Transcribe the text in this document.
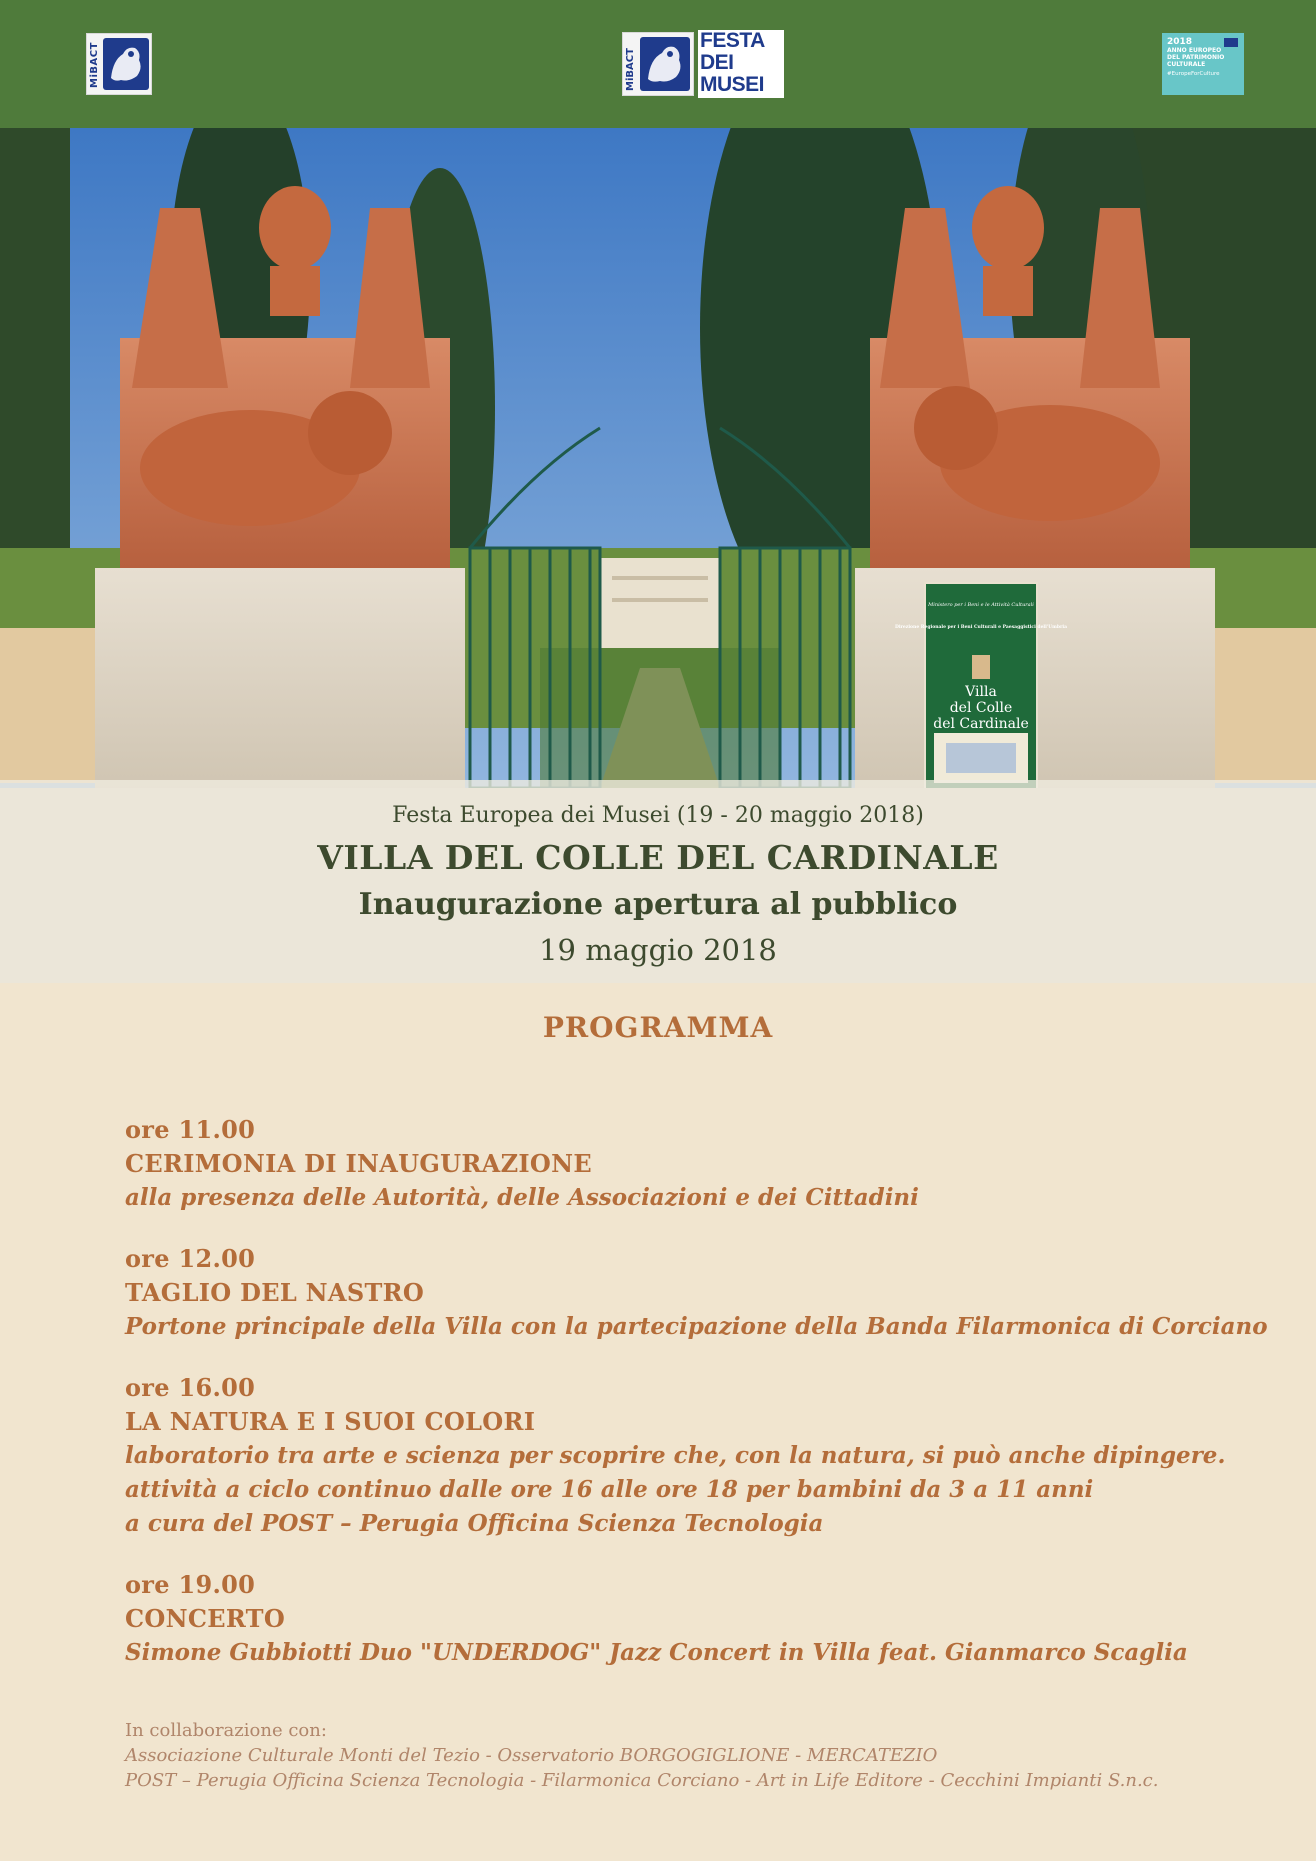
MiBACT	MiBACT
FESTA
DEI
MUSEI
2018
ANNO EUROPEO
DEL PATRIMONIO
CULTURALE
#EuropeForCulture
Ministero per i Beni e le Attività Culturali
Direzione Regionale per i Beni Culturali e Paesaggistici dell'Umbria
Villa
del Colle
del Cardinale
Festa Europea dei Musei (19 - 20 maggio 2018)
VILLA DEL COLLE DEL CARDINALE
Inaugurazione apertura al pubblico
19 maggio 2018
PROGRAMMA
ore 11.00
CERIMONIA DI INAUGURAZIONE
alla presenza delle Autorità, delle Associazioni e dei Cittadini
ore 12.00
TAGLIO DEL NASTRO
Portone principale della Villa con la partecipazione della Banda Filarmonica di Corciano
ore 16.00
LA NATURA E I SUOI COLORI
laboratorio tra arte e scienza per scoprire che, con la natura, si può anche dipingere.
attività a ciclo continuo dalle ore 16 alle ore 18 per bambini da 3 a 11 anni
a cura del POST – Perugia Officina Scienza Tecnologia
ore 19.00
CONCERTO
Simone Gubbiotti Duo "UNDERDOG" Jazz Concert in Villa feat. Gianmarco Scaglia
In collaborazione con:
Associazione Culturale Monti del Tezio - Osservatorio BORGOGIGLIONE - MERCATEZIO
POST – Perugia Officina Scienza Tecnologia - Filarmonica Corciano - Art in Life Editore - Cecchini Impianti S.n.c.
